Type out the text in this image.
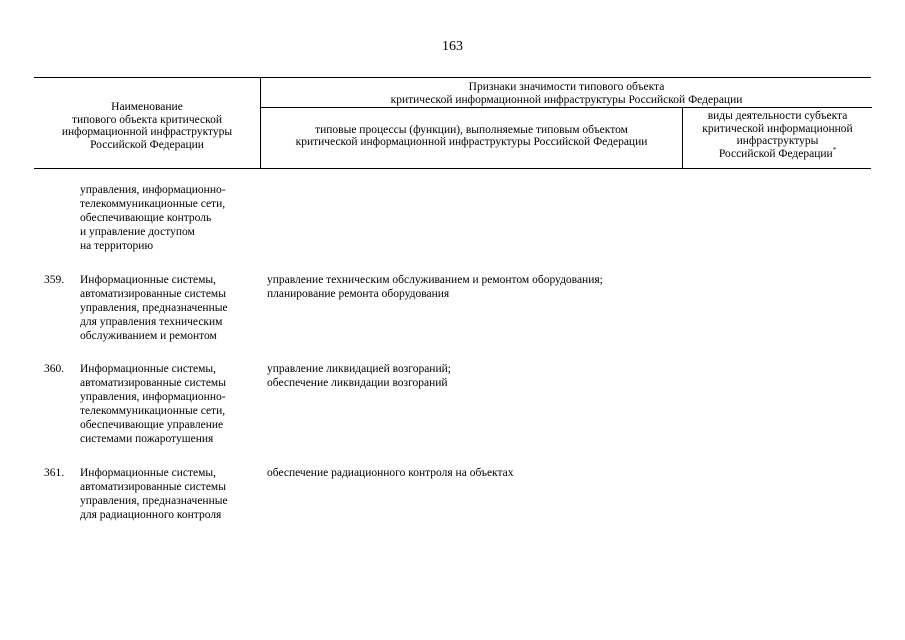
163
Наименование
типового объекта критической
информационной инфраструктуры
Российской Федерации
Признаки значимости типового объекта
критической информационной инфраструктуры Российской Федерации
типовые процессы (функции), выполняемые типовым объектом
критической информационной инфраструктуры Российской Федерации
виды деятельности субъекта
критической информационной
инфраструктуры
Российской Федерации*
управления, информационно-
телекоммуникационные сети,
обеспечивающие контроль
и управление доступом
на территорию
359. Информационные системы,
автоматизированные системы
управления, предназначенные
для управления техническим
обслуживанием и ремонтом
управление техническим обслуживанием и ремонтом оборудования;
планирование ремонта оборудования
360. Информационные системы,
автоматизированные системы
управления, информационно-
телекоммуникационные сети,
обеспечивающие управление
системами пожаротушения
управление ликвидацией возгораний;
обеспечение ликвидации возгораний
361. Информационные системы,
автоматизированные системы
управления, предназначенные
для радиационного контроля
обеспечение радиационного контроля на объектах
